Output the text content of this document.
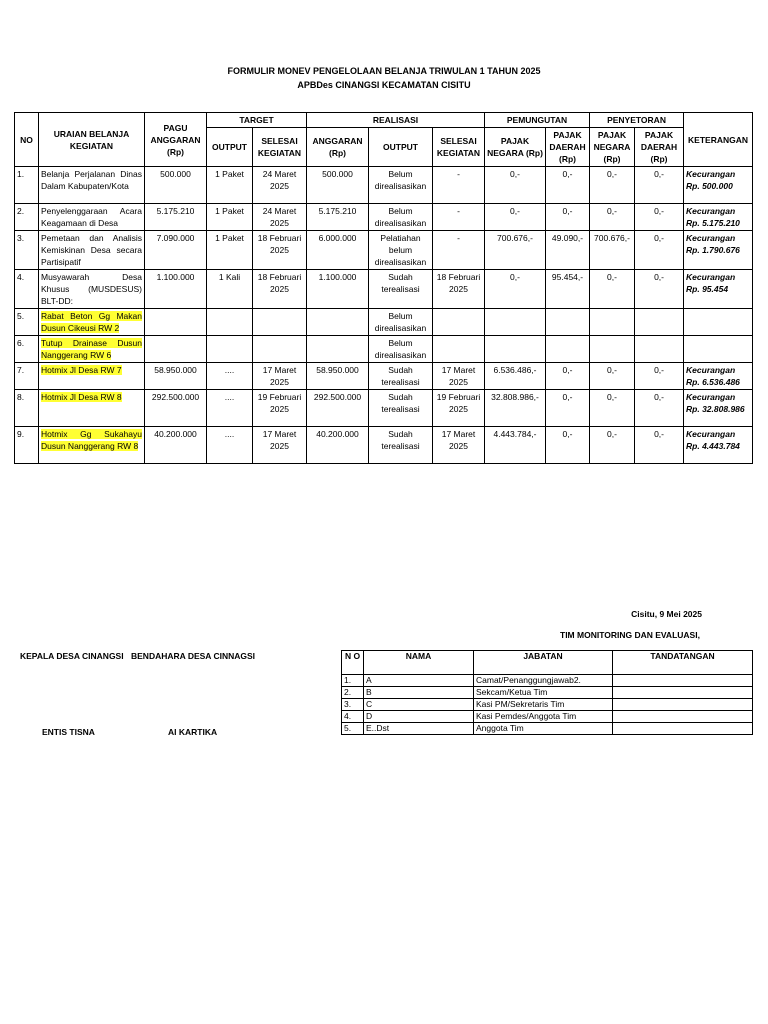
FORMULIR MONEV PENGELOLAAN BELANJA TRIWULAN 1 TAHUN 2025
APBDes CINANGSI KECAMATAN CISITU
NO	URAIAN BELANJA KEGIATAN	PAGU ANGGARAN (Rp)	TARGET		REALISASI			PEMUNGUTAN		PENYETORAN		KETERANGAN
			OUTPUT	SELESAI KEGIATAN	ANGGARAN (Rp)	OUTPUT	SELESAI KEGIATAN	PAJAK NEGARA (Rp)	PAJAK DAERAH (Rp)	PAJAK NEGARA (Rp)	PAJAK DAERAH (Rp)	
1.	Belanja Perjalanan Dinas Dalam Kabupaten/Kota	500.000	1 Paket	24 Maret 2025	500.000	Belum direalisasikan	-	0,-	0,-	0,-	0,-	Kecurangan Rp. 500.000
2.	Penyelenggaraan Acara Keagamaan di Desa	5.175.210	1 Paket	24 Maret 2025	5.175.210	Belum direalisasikan	-	0,-	0,-	0,-	0,-	Kecurangan Rp. 5.175.210
3.	Pemetaan dan Analisis Kemiskinan Desa secara Partisipatif	7.090.000	1 Paket	18 Februari 2025	6.000.000	Pelatiahan belum direalisasikan	-	700.676,-	49.090,-	700.676,-	0,-	Kecurangan Rp. 1.790.676
4.	Musyawarah Desa Khusus (MUSDESUS) BLT-DD:	1.100.000	1 Kali	18 Februari 2025	1.100.000	Sudah terealisasi	18 Februari 2025	0,-	95.454,-	0,-	0,-	Kecurangan Rp. 95.454
5.	Rabat Beton Gg Makan Dusun Cikeusi RW 2					Belum direalisasikan						
6.	Tutup Drainase Dusun Nanggerang RW 6					Belum direalisasikan						
7.	Hotmix Jl Desa RW 7	58.950.000	....	17 Maret 2025	58.950.000	Sudah terealisasi	17 Maret 2025	6.536.486,-	0,-	0,-	0,-	Kecurangan Rp. 6.536.486
8.	Hotmix Jl Desa RW 8	292.500.000	....	19 Februari 2025	292.500.000	Sudah terealisasi	19 Februari 2025	32.808.986,-	0,-	0,-	0,-	Kecurangan Rp. 32.808.986
9.	Hotmix Gg Sukahayu Dusun Nanggerang RW 8	40.200.000	....	17 Maret 2025	40.200.000	Sudah terealisasi	17 Maret 2025	4.443.784,-	0,-	0,-	0,-	Kecurangan Rp. 4.443.784
Cisitu, 9 Mei 2025
TIM MONITORING DAN EVALUASI,
KEPALA DESA CINANGSI BENDAHARA DESA CINNAGSI
ENTIS TISNA	AI KARTIKA
N O	NAMA	JABATAN	TANDATANGAN
1.	A	Camat/Penanggungjawab2.	
2.	B	Sekcam/Ketua Tim	
3.	C	Kasi PM/Sekretaris Tim	
4.	D	Kasi Pemdes/Anggota Tim	
5.	E..Dst	Anggota Tim	
